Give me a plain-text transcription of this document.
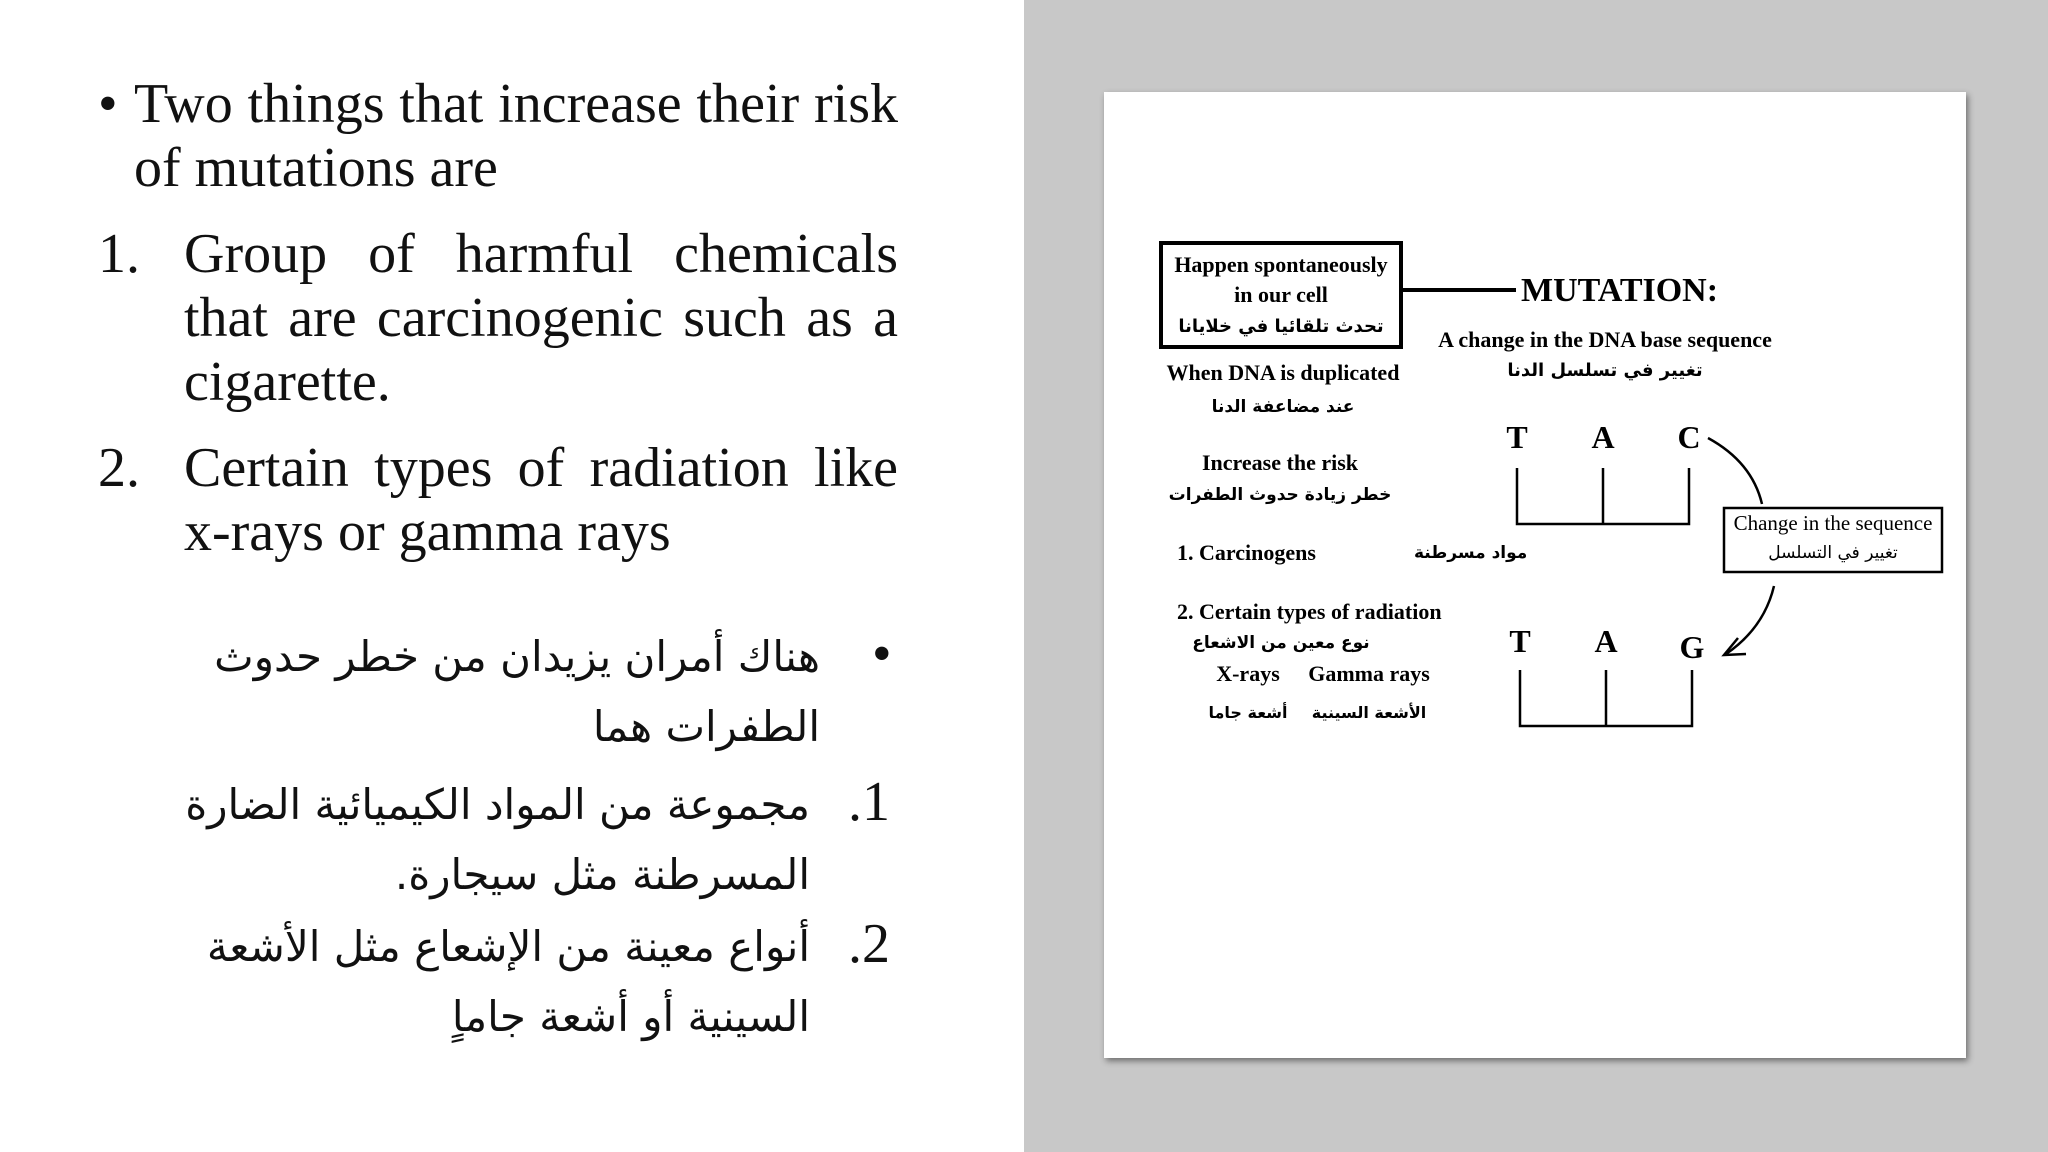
• Two things that increase their risk of mutations are
1. Group of harmful chemicals that are carcinogenic such as a cigarette.
2. Certain types of radiation like x-rays or gamma rays
•
هناك أمران يزيدان من خطر حدوث
الطفرات هما
.1
مجموعة من المواد الكيميائية الضارة
المسرطنة مثل سيجارة.
.2
أنواع معينة من الإشعاع مثل الأشعة
السينية أو أشعة جاماٍ
Happen spontaneously
in our cell
تحدث تلقائيا في خلايانا
MUTATION:
A change in the DNA base sequence
تغيير في تسلسل الدنا
When DNA is duplicated
عند مضاعفة الدنا
Increase the risk
خطر زيادة حدوث الطفرات
1. Carcinogens	مواد مسرطنة
2. Certain types of radiation
نوع معين من الاشعاع
X-rays Gamma rays
أشعة جاما الأشعة السينية
T A C
T A G
Change in the sequence
تغيير في التسلسل
